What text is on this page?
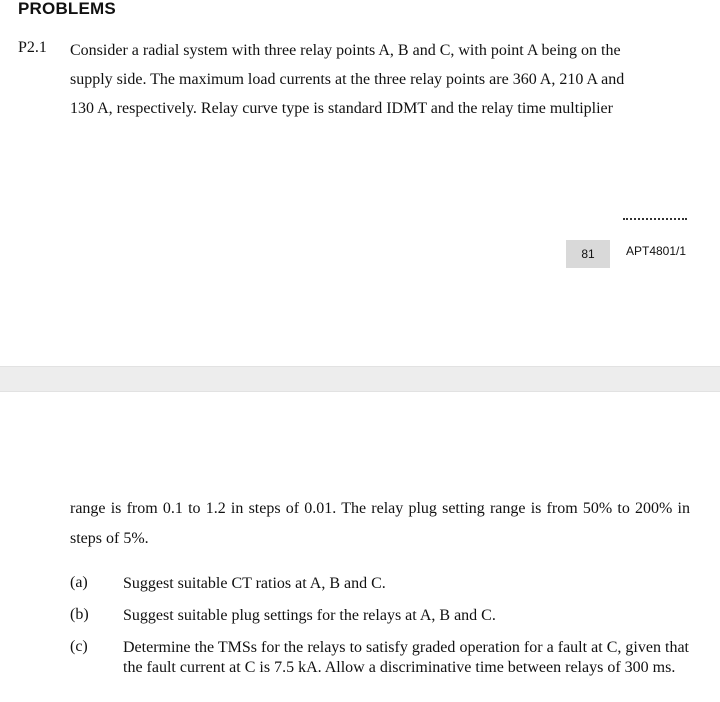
PROBLEMS
P2.1 Consider a radial system with three relay points A, B and C, with point A being on the
supply side. The maximum load currents at the three relay points are 360 A, 210 A and
130 A, respectively. Relay curve type is standard IDMT and the relay time multiplier
81	APT4801/1
range is from 0.1 to 1.2 in steps of 0.01. The relay plug setting range is from 50% to 200% in steps of 5%.
(a) Suggest suitable CT ratios at A, B and C.
(b) Suggest suitable plug settings for the relays at A, B and C.
(c) Determine the TMSs for the relays to satisfy graded operation for a fault at C, given that the fault current at C is 7.5 kA. Allow a discriminative time between relays of 300 ms.
